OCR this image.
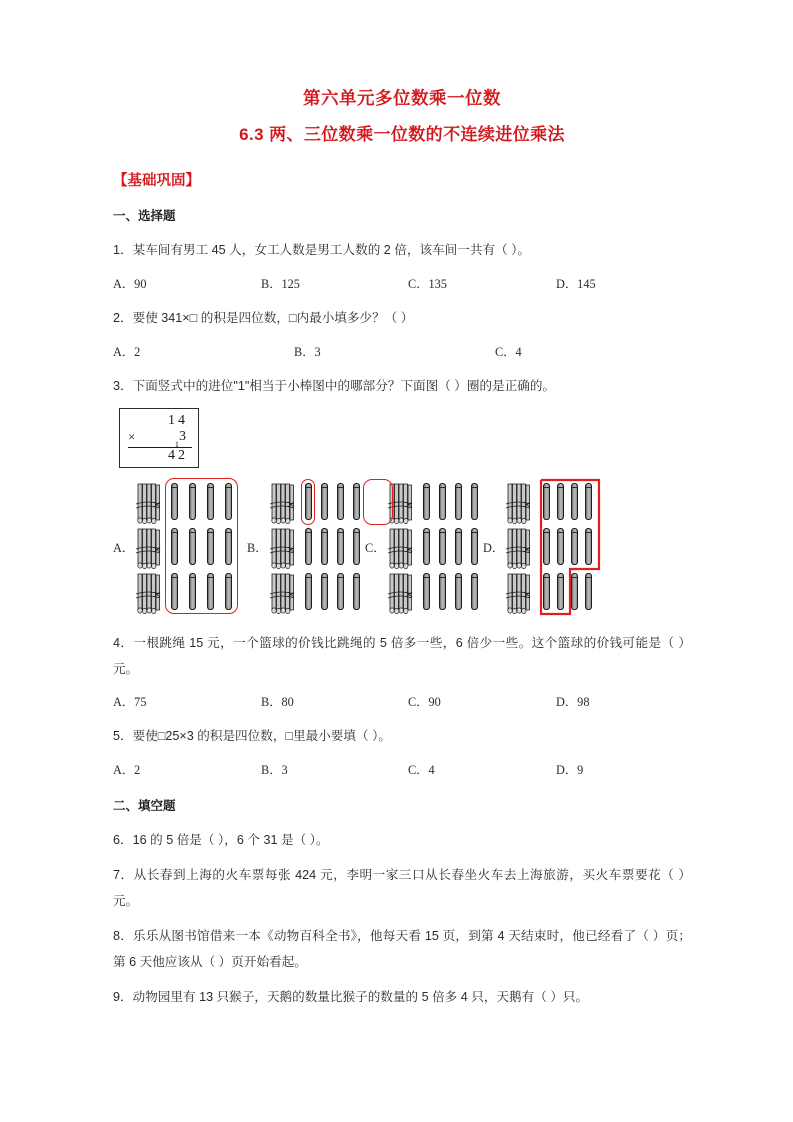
第六单元多位数乘一位数
6.3 两、三位数乘一位数的不连续进位乘法
【基础巩固】
一、选择题
1．某车间有男工 45 人，女工人数是男工人数的 2 倍，该车间一共有（ ）。
A．90	B．125	C．135	D．145
2．要使 341×□ 的积是四位数，□内最小填多少？（ ）
A．2	B．3	C．4
3．下面竖式中的进位"1"相当于小棒图中的哪部分？下面图（ ）圈的是正确的。
14
×	$_1$3
42
A．	B．	C．	D．
4．一根跳绳 15 元，一个篮球的价钱比跳绳的 5 倍多一些，6 倍少一些。这个篮球的价钱可能是（ ）元。
A．75	B．80	C．90	D．98
5．要使□25×3 的积是四位数，□里最小要填（ ）。
A．2	B．3	C．4	D．9
二、填空题
6．16 的 5 倍是（ ），6 个 31 是（ ）。
7．从长春到上海的火车票每张 424 元，李明一家三口从长春坐火车去上海旅游，买火车票要花（ ）元。
8．乐乐从图书馆借来一本《动物百科全书》，他每天看 15 页，到第 4 天结束时，他已经看了（ ）页；第 6 天他应该从（ ）页开始看起。
9．动物园里有 13 只猴子，天鹅的数量比猴子的数量的 5 倍多 4 只，天鹅有（ ）只。
